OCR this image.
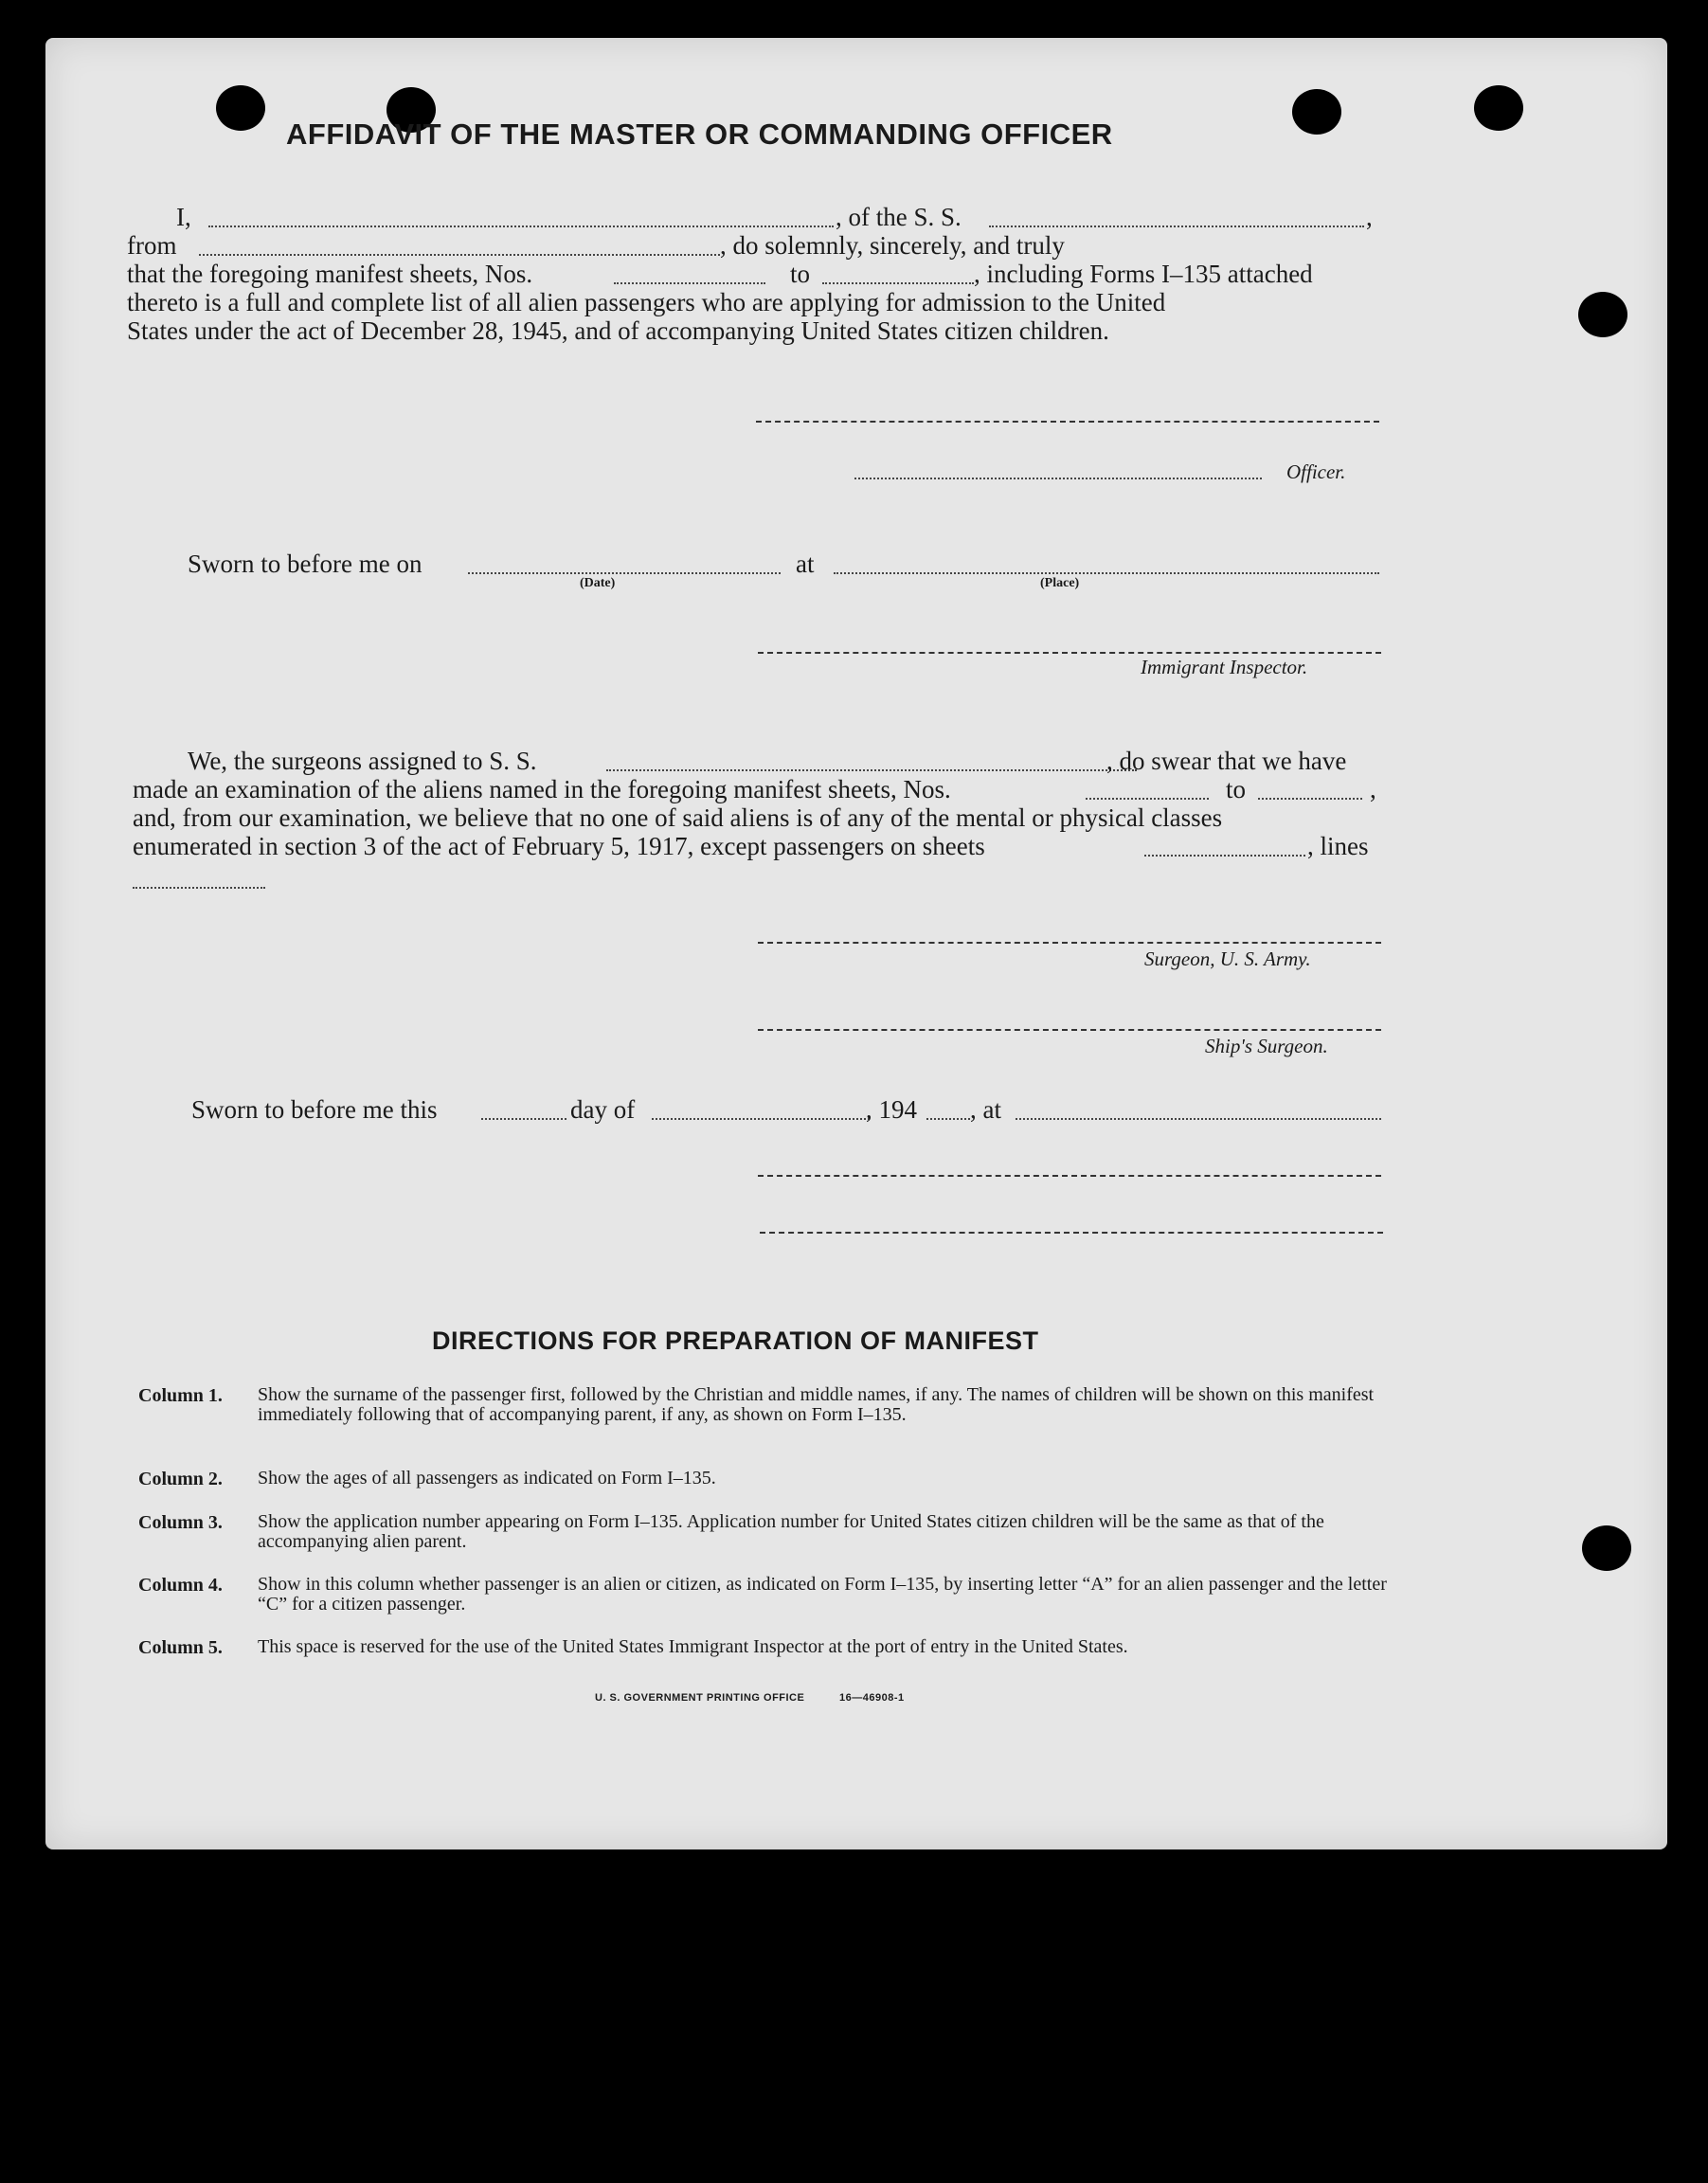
AFFIDAVIT OF THE MASTER OR COMMANDING OFFICER
I,	, of the S. S.	,
from	, do solemnly, sincerely, and truly
that the foregoing manifest sheets, Nos.	to	, including Forms I–135 attached
thereto is a full and complete list of all alien passengers who are applying for admission to the United
States under the act of December 28, 1945, and of accompanying United States citizen children.
Officer.
Sworn to before me on
(Date)
at
(Place)
Immigrant Inspector.
We, the surgeons assigned to S. S.	, do swear that we have
made an examination of the aliens named in the foregoing manifest sheets, Nos.	to	,
and, from our examination, we believe that no one of said aliens is of any of the mental or physical classes
enumerated in section 3 of the act of February 5, 1917, except passengers on sheets	, lines
Surgeon, U. S. Army.
Ship's Surgeon.
Sworn to before me this	day of	, 194 , at
DIRECTIONS FOR PREPARATION OF MANIFEST
Column 1. Show the surname of the passenger first, followed by the Christian and middle names, if any. The names of children will be shown on this manifest immediately following that of accompanying parent, if any, as shown on Form I–135.
Column 2. Show the ages of all passengers as indicated on Form I–135.
Column 3. Show the application number appearing on Form I–135. Application number for United States citizen children will be the same as that of the accompanying alien parent.
Column 4. Show in this column whether passenger is an alien or citizen, as indicated on Form I–135, by inserting letter “A” for an alien passenger and the letter “C” for a citizen passenger.
Column 5. This space is reserved for the use of the United States Immigrant Inspector at the port of entry in the United States.
U. S. GOVERNMENT PRINTING OFFICE	16—46908-1
